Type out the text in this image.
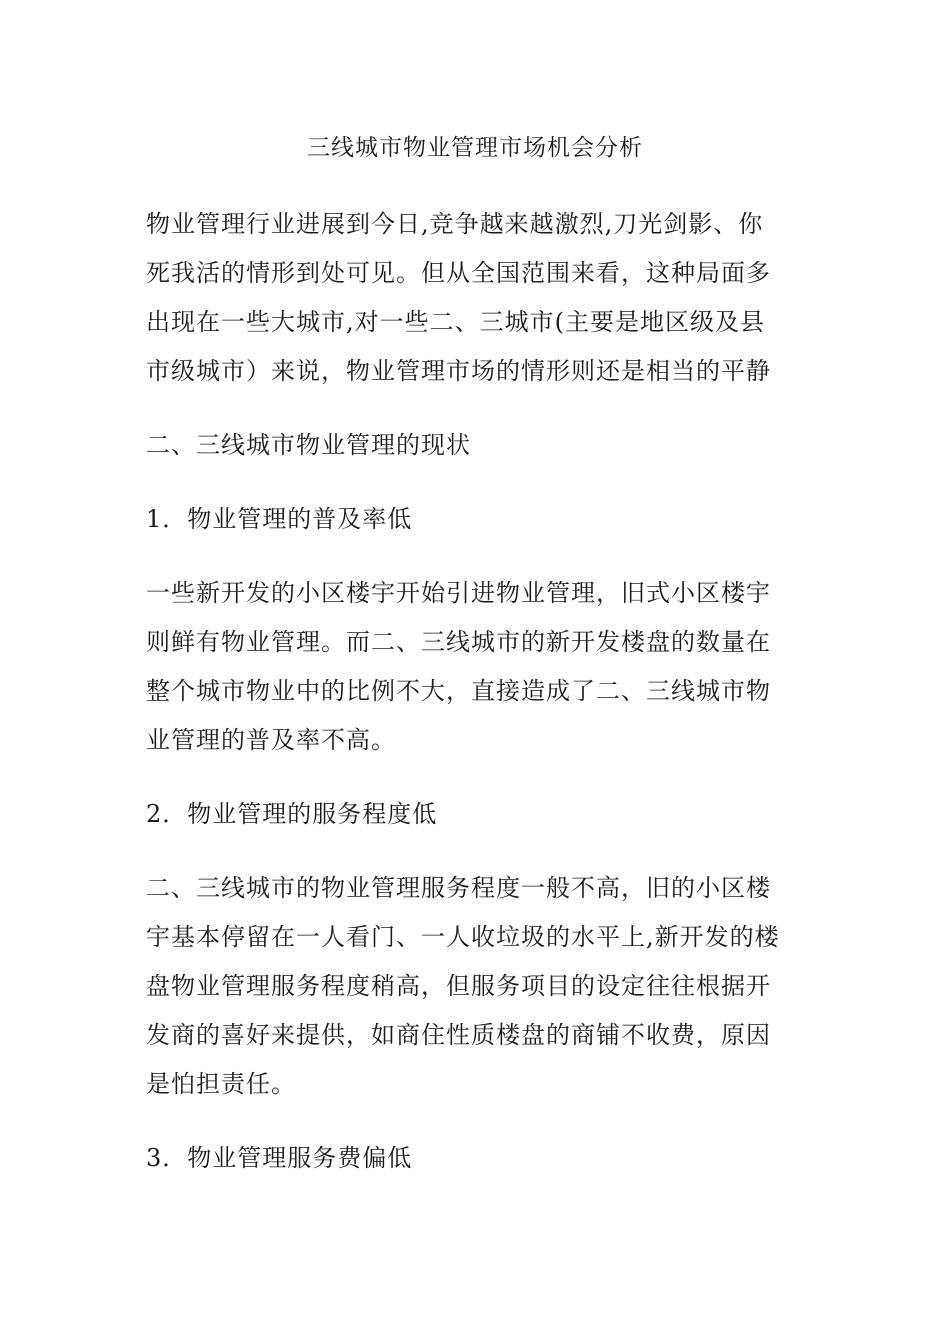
三线城市物业管理市场机会分析
物业管理行业进展到今日,竞争越来越激烈,刀光剑影、你
死我活的情形到处可见。但从全国范围来看，这种局面多
出现在一些大城市,对一些二、三城市(主要是地区级及县
市级城市）来说，物业管理市场的情形则还是相当的平静
二、三线城市物业管理的现状
1．物业管理的普及率低
一些新开发的小区楼宇开始引进物业管理，旧式小区楼宇
则鲜有物业管理。而二、三线城市的新开发楼盘的数量在
整个城市物业中的比例不大，直接造成了二、三线城市物
业管理的普及率不高。
2．物业管理的服务程度低
二、三线城市的物业管理服务程度一般不高，旧的小区楼
宇基本停留在一人看门、一人收垃圾的水平上,新开发的楼
盘物业管理服务程度稍高，但服务项目的设定往往根据开
发商的喜好来提供，如商住性质楼盘的商铺不收费，原因
是怕担责任。
3．物业管理服务费偏低
